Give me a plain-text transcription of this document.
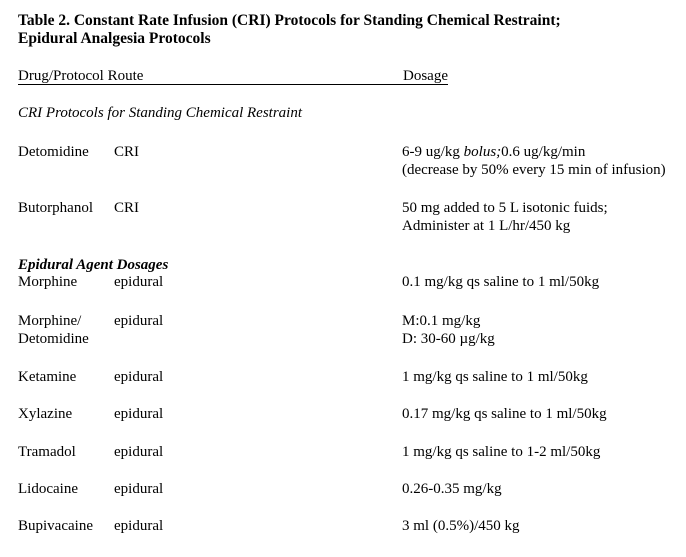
Table 2. Constant Rate Infusion (CRI) Protocols for Standing Chemical Restraint;
Epidural Analgesia Protocols
Drug/Protocol Route	Dosage
CRI Protocols for Standing Chemical Restraint
Detomidine CRI	6-9 ug/kg bolus;0.6 ug/kg/min
(decrease by 50% every 15 min of infusion)
Butorphanol CRI	50 mg added to 5 L isotonic fuids;
Administer at 1 L/hr/450 kg
Epidural Agent Dosages
Morphine epidural	0.1 mg/kg qs saline to 1 ml/50kg
Morphine/
Detomidine
epidural	M:0.1 mg/kg
D: 30-60 µg/kg
Ketamine	epidural	1 mg/kg qs saline to 1 ml/50kg
Xylazine	epidural	0.17 mg/kg qs saline to 1 ml/50kg
Tramadol	epidural	1 mg/kg qs saline to 1-2 ml/50kg
Lidocaine epidural	0.26-0.35 mg/kg
Bupivacaine epidural	3 ml (0.5%)/450 kg
